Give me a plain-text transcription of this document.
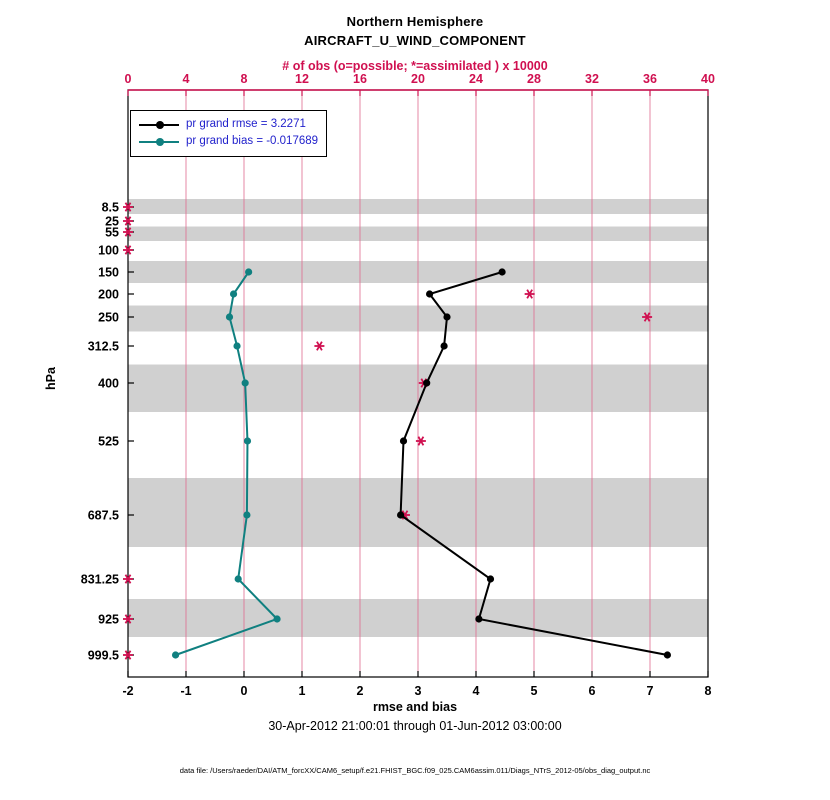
Northern Hemisphere
AIRCRAFT_U_WIND_COMPONENT
# of obs (o=possible; *=assimilated ) x 10000
hPa
rmse and bias
30-Apr-2012 21:00:01 through 01-Jun-2012 03:00:00
data file: /Users/raeder/DAI/ATM_forcXX/CAM6_setup/f.e21.FHIST_BGC.f09_025.CAM6assim.011/Diags_NTrS_2012-05/obs_diag_output.nc
0	4	8	12	16	20	24	28	32	36	40
-2	-1	0	1	2	3	4	5	6	7	8
8.5
25
55
100
150
200
250
312.5
400
525
687.5
831.25
925
999.5
pr grand rmse = 3.2271
pr grand bias = -0.017689
